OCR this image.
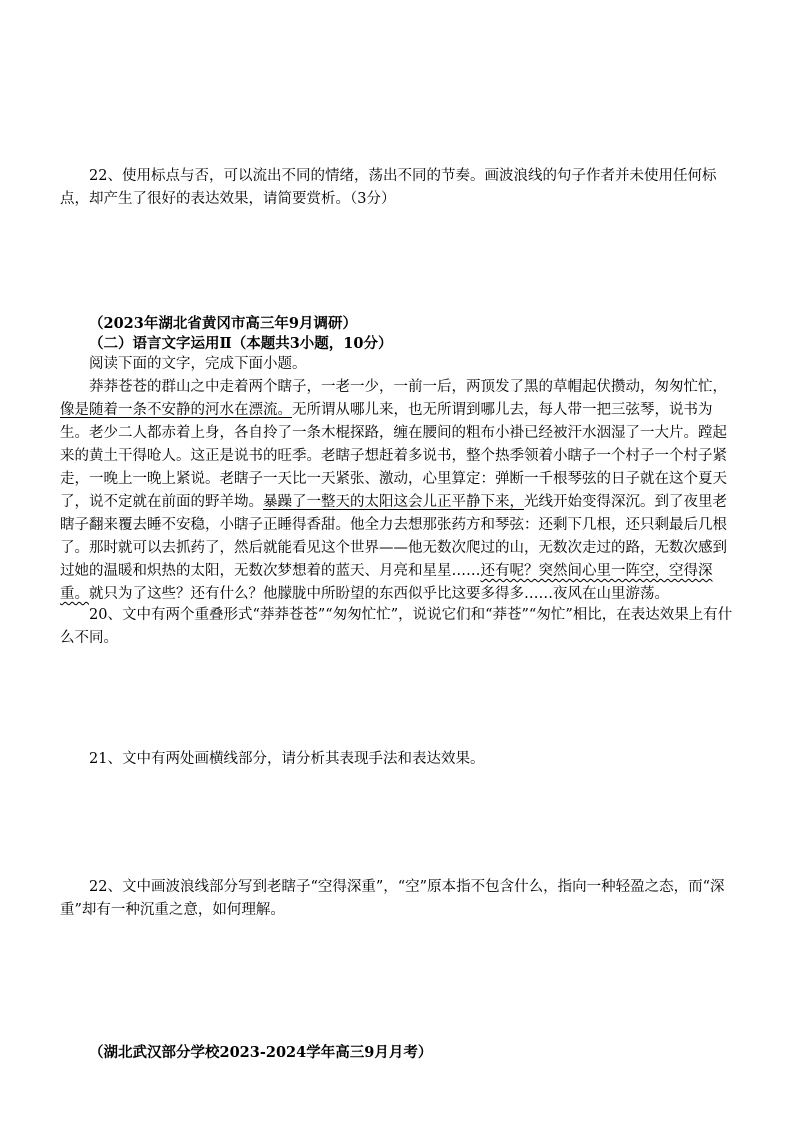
22、使用标点与否，可以流出不同的情绪，荡出不同的节奏。画波浪线的句子作者并未使用任何标点，却产生了很好的表达效果，请简要赏析。（3分）

（2023年湖北省黄冈市高三年9月调研）
（二）语言文字运用Ⅱ（本题共3小题，10分）
阅读下面的文字，完成下面小题。

莽莽苍苍的群山之中走着两个瞎子，一老一少，一前一后，两顶发了黑的草帽起伏攒动，匆匆忙忙，像是随着一条不安静的河水在漂流。无所谓从哪儿来，也无所谓到哪儿去，每人带一把三弦琴，说书为生。老少二人都赤着上身，各自拎了一条木棍探路，缠在腰间的粗布小褂已经被汗水洇湿了一大片。蹚起来的黄土干得呛人。这正是说书的旺季。老瞎子想赶着多说书，整个热季领着小瞎子一个村子一个村子紧走，一晚上一晚上紧说。老瞎子一天比一天紧张、激动，心里算定：弹断一千根琴弦的日子就在这个夏天了，说不定就在前面的野羊坳。暴躁了一整天的太阳这会儿正平静下来，光线开始变得深沉。到了夜里老瞎子翻来覆去睡不安稳，小瞎子正睡得香甜。他全力去想那张药方和琴弦：还剩下几根，还只剩最后几根了。那时就可以去抓药了，然后就能看见这个世界——他无数次爬过的山，无数次走过的路，无数次感到过她的温暖和炽热的太阳，无数次梦想着的蓝天、月亮和星星……还有呢？突然间心里一阵空，空得深重。就只为了这些？还有什么？他朦胧中所盼望的东西似乎比这要多得多……夜风在山里游荡。

20、文中有两个重叠形式“莽莽苍苍”“匆匆忙忙”，说说它们和“莽苍”“匆忙”相比，在表达效果上有什么不同。
21、文中有两处画横线部分，请分析其表现手法和表达效果。
22、文中画波浪线部分写到老瞎子“空得深重”，“空”原本指不包含什么，指向一种轻盈之态，而“深重”却有一种沉重之意，如何理解。
（湖北武汉部分学校2023-2024学年高三9月月考）
